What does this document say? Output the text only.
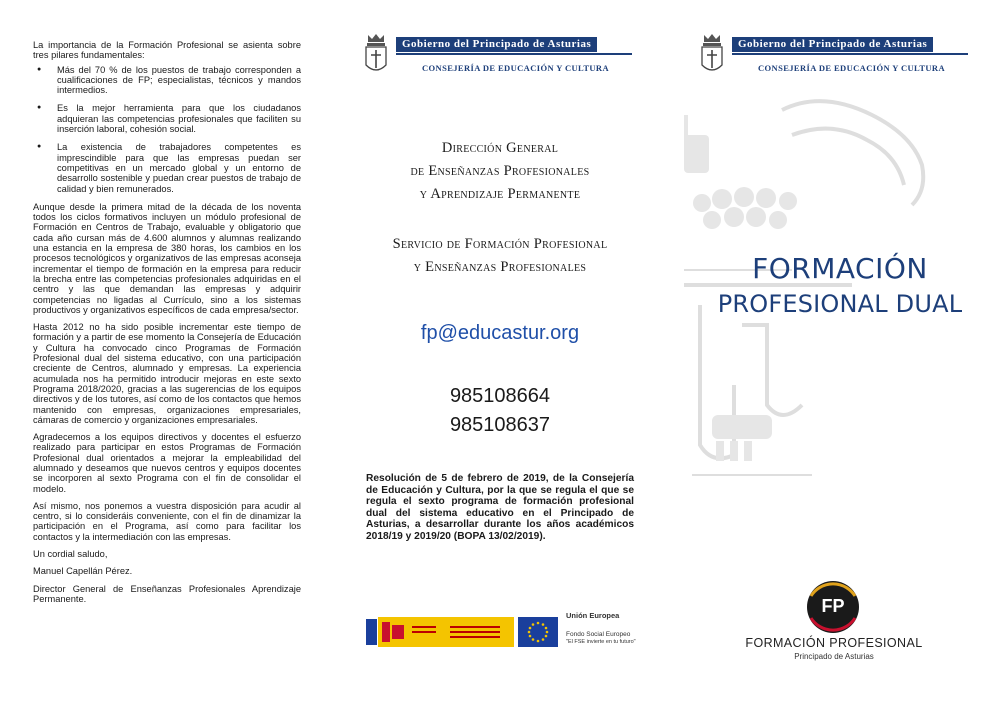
La importancia de la Formación Profesional se asienta sobre tres pilares fundamentales:

● Más del 70 % de los puestos de trabajo corresponden a cualificaciones de FP; especialistas, técnicos y mandos intermedios.
● Es la mejor herramienta para que los ciudadanos adquieran las competencias profesionales que faciliten su inserción laboral, cohesión social.
● La existencia de trabajadores competentes es imprescindible para que las empresas puedan ser competitivas en un mercado global y un entorno de desarrollo sostenible y puedan crear puestos de trabajo de calidad y bien remunerados.

Aunque desde la primera mitad de la década de los noventa todos los ciclos formativos incluyen un módulo profesional de Formación en Centros de Trabajo, evaluable y obligatorio que cada año cursan más de 4.600 alumnos y alumnas realizando una estancia en la empresa de 380 horas, los cambios en los procesos tecnológicos y organizativos de las empresas aconseja incrementar el tiempo de formación en la empresa para reducir la brecha entre las competencias profesionales adquiridas en el centro y las que demandan las empresas y adquirir competencias no ligadas al Currículo, sino a los sistemas productivos y organizativos específicos de cada empresa/sector.

Hasta 2012 no ha sido posible incrementar este tiempo de formación y a partir de ese momento la Consejería de Educación y Cultura ha convocado cinco Programas de Formación Profesional dual del sistema educativo, con una participación creciente de Centros, alumnado y empresas. La experiencia acumulada nos ha permitido introducir mejoras en este sexto Programa 2018/2020, gracias a las sugerencias de los equipos directivos y de los tutores, así como de los contactos que hemos mantenido con empresas, organizaciones empresariales, cámaras de comercio y organizaciones empresariales.

Agradecemos a los equipos directivos y docentes el esfuerzo realizado para participar en estos Programas de Formación Profesional dual orientados a mejorar la empleabilidad del alumnado y deseamos que nuevos centros y equipos docentes se incorporen al sexto Programa con el fin de consolidar el modelo.

Así mismo, nos ponemos a vuestra disposición para acudir al centro, si lo consideráis conveniente, con el fin de dinamizar la participación en el Programa, así como para facilitar los contactos y la intermediación con las empresas.

Un cordial saludo,

Manuel Capellán Pérez.

Director General de Enseñanzas Profesionales Aprendizaje Permanente.

Gobierno del Principado de Asturias
CONSEJERÍA DE EDUCACIÓN Y CULTURA
Gobierno del Principado de Asturias
CONSEJERÍA DE EDUCACIÓN Y CULTURA
Dirección General
de Enseñanzas Profesionales
y Aprendizaje Permanente
Servicio de Formación Profesional
y Enseñanzas Profesionales
fp@educastur.org
985108664
985108637
Resolución de 5 de febrero de 2019, de la Consejería de Educación y Cultura, por la que se regula el que se regula el sexto programa de formación profesional dual del sistema educativo en el Principado de Asturias, a desarrollar durante los años académicos 2018/19 y 2019/20 (BOPA 13/02/2019).
Unión Europea
Fondo Social Europeo
"El FSE invierte en tu futuro"
FORMACIÓN
PROFESIONAL DUAL
FP
FORMACIÓN PROFESIONAL
Principado de Asturias
